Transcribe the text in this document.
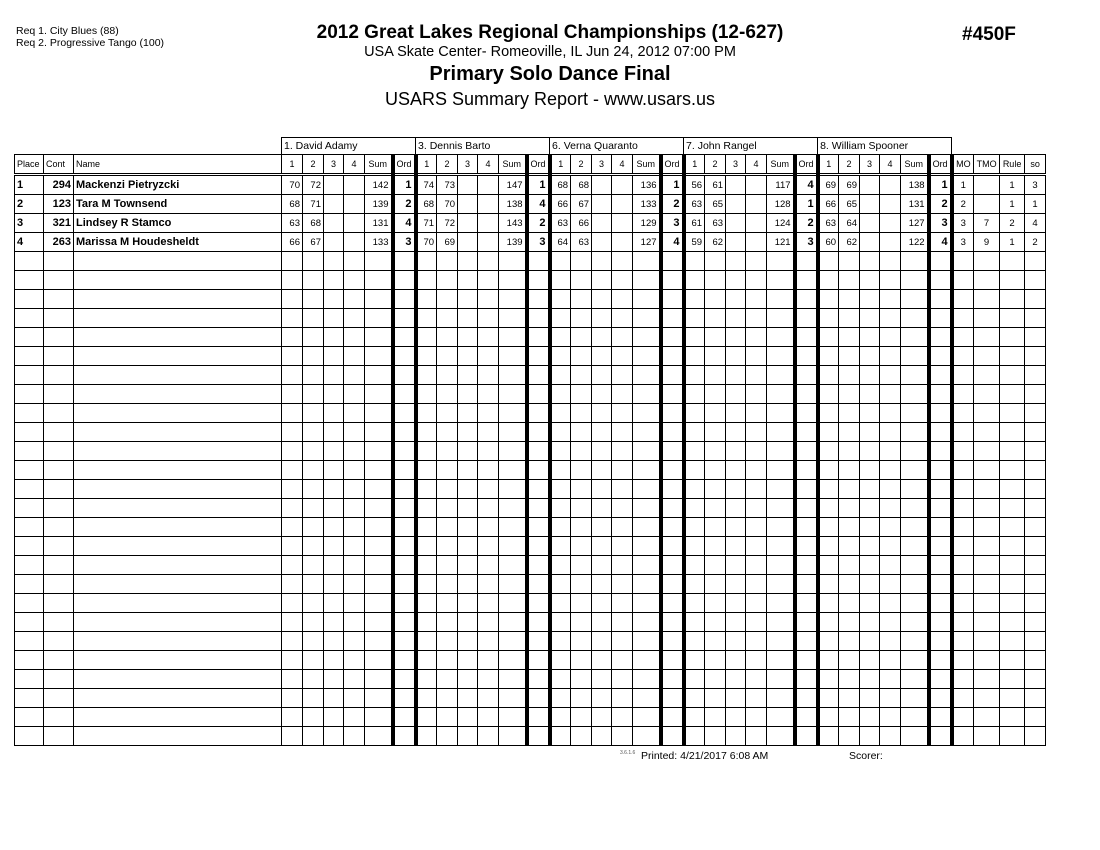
Req 1. City Blues (88)
Req 2. Progressive Tango (100)	2012 Great Lakes Regional Championships (12-627)
USA Skate Center- Romeoville, IL Jun 24, 2012 07:00 PM
Primary Solo Dance Final
USARS Summary Report - www.usars.us
#450F
			1. David Adamy						3. Dennis Barto						6. Verna Quaranto						7. John Rangel						8. William Spooner									
Place	Cont	Name	1	2	3	4	Sum	Ord	1	2	3	4	Sum	Ord	1	2	3	4	Sum	Ord	1	2	3	4	Sum	Ord	1	2	3	4	Sum	Ord	MO	TMO	Rule	so
1	294	Mackenzi Pietryzcki	70	72			142	1	74	73			147	1	68	68			136	1	56	61			117	4	69	69			138	1	1		1	3
2	123	Tara M Townsend	68	71			139	2	68	70			138	4	66	67			133	2	63	65			128	1	66	65			131	2	2		1	1
3	321	Lindsey R Stamco	63	68			131	4	71	72			143	2	63	66			129	3	61	63			124	2	63	64			127	3	3	7	2	4
4	263	Marissa M Houdesheldt	66	67			133	3	70	69			139	3	64	63			127	4	59	62			121	3	60	62			122	4	3	9	1	2

3.6.1.6 Printed: 4/21/2017 6:08 AM	Scorer:
